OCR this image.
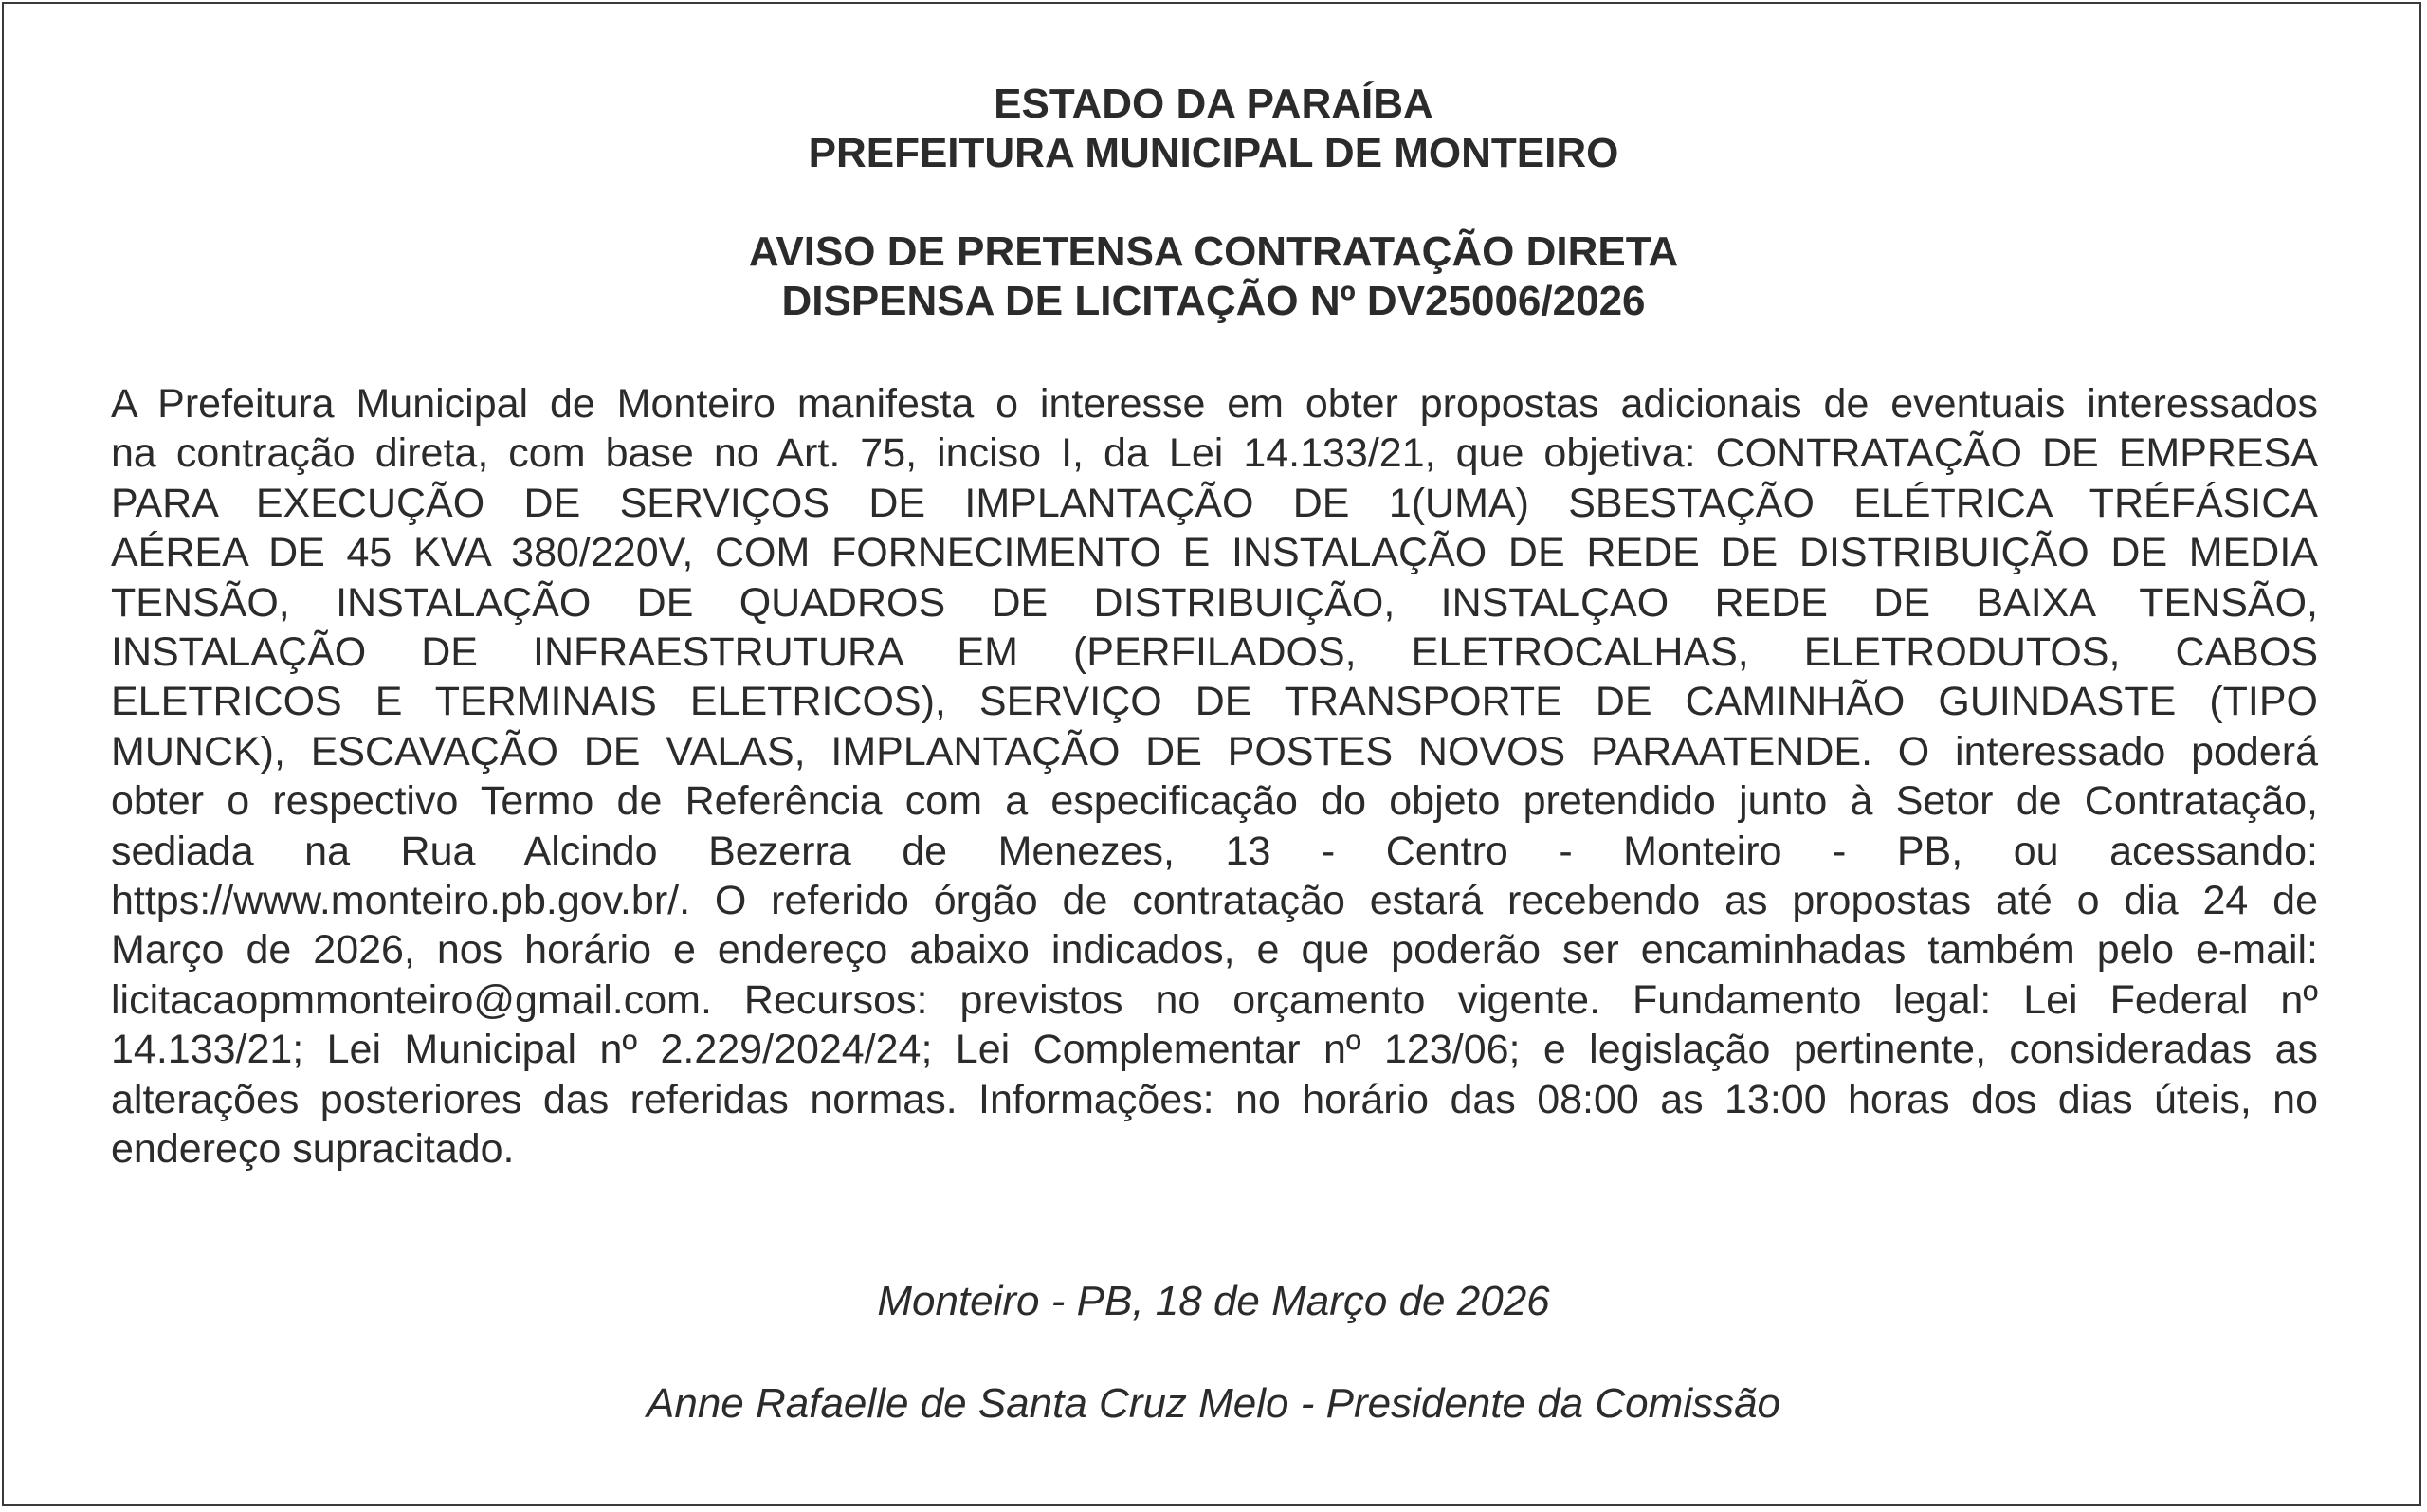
ESTADO DA PARAÍBA
PREFEITURA MUNICIPAL DE MONTEIRO
AVISO DE PRETENSA CONTRATAÇÃO DIRETA
DISPENSA DE LICITAÇÃO Nº DV25006/2026
A Prefeitura Municipal de Monteiro manifesta o interesse em obter propostas adicionais de eventuais interessados
na contração direta, com base no Art. 75, inciso I, da Lei 14.133/21, que objetiva: CONTRATAÇÃO DE EMPRESA
PARA EXECUÇÃO DE SERVIÇOS DE IMPLANTAÇÃO DE 1(UMA) SBESTAÇÃO ELÉTRICA TRÉFÁSICA
AÉREA DE 45 KVA 380/220V, COM FORNECIMENTO E INSTALAÇÃO DE REDE DE DISTRIBUIÇÃO DE MEDIA
TENSÃO, INSTALAÇÃO DE QUADROS DE DISTRIBUIÇÃO, INSTALÇAO REDE DE BAIXA TENSÃO,
INSTALAÇÃO DE INFRAESTRUTURA EM (PERFILADOS, ELETROCALHAS, ELETRODUTOS, CABOS
ELETRICOS E TERMINAIS ELETRICOS), SERVIÇO DE TRANSPORTE DE CAMINHÃO GUINDASTE (TIPO
MUNCK), ESCAVAÇÃO DE VALAS, IMPLANTAÇÃO DE POSTES NOVOS PARAATENDE. O interessado poderá
obter o respectivo Termo de Referência com a especificação do objeto pretendido junto à Setor de Contratação,
sediada na Rua Alcindo Bezerra de Menezes, 13 - Centro - Monteiro - PB, ou acessando:
https://www.monteiro.pb.gov.br/. O referido órgão de contratação estará recebendo as propostas até o dia 24 de
Março de 2026, nos horário e endereço abaixo indicados, e que poderão ser encaminhadas também pelo e-mail:
licitacaopmmonteiro@gmail.com. Recursos: previstos no orçamento vigente. Fundamento legal: Lei Federal nº
14.133/21; Lei Municipal nº 2.229/2024/24; Lei Complementar nº 123/06; e legislação pertinente, consideradas as
alterações posteriores das referidas normas. Informações: no horário das 08:00 as 13:00 horas dos dias úteis, no
endereço supracitado.
Monteiro - PB, 18 de Março de 2026
Anne Rafaelle de Santa Cruz Melo - Presidente da Comissão
